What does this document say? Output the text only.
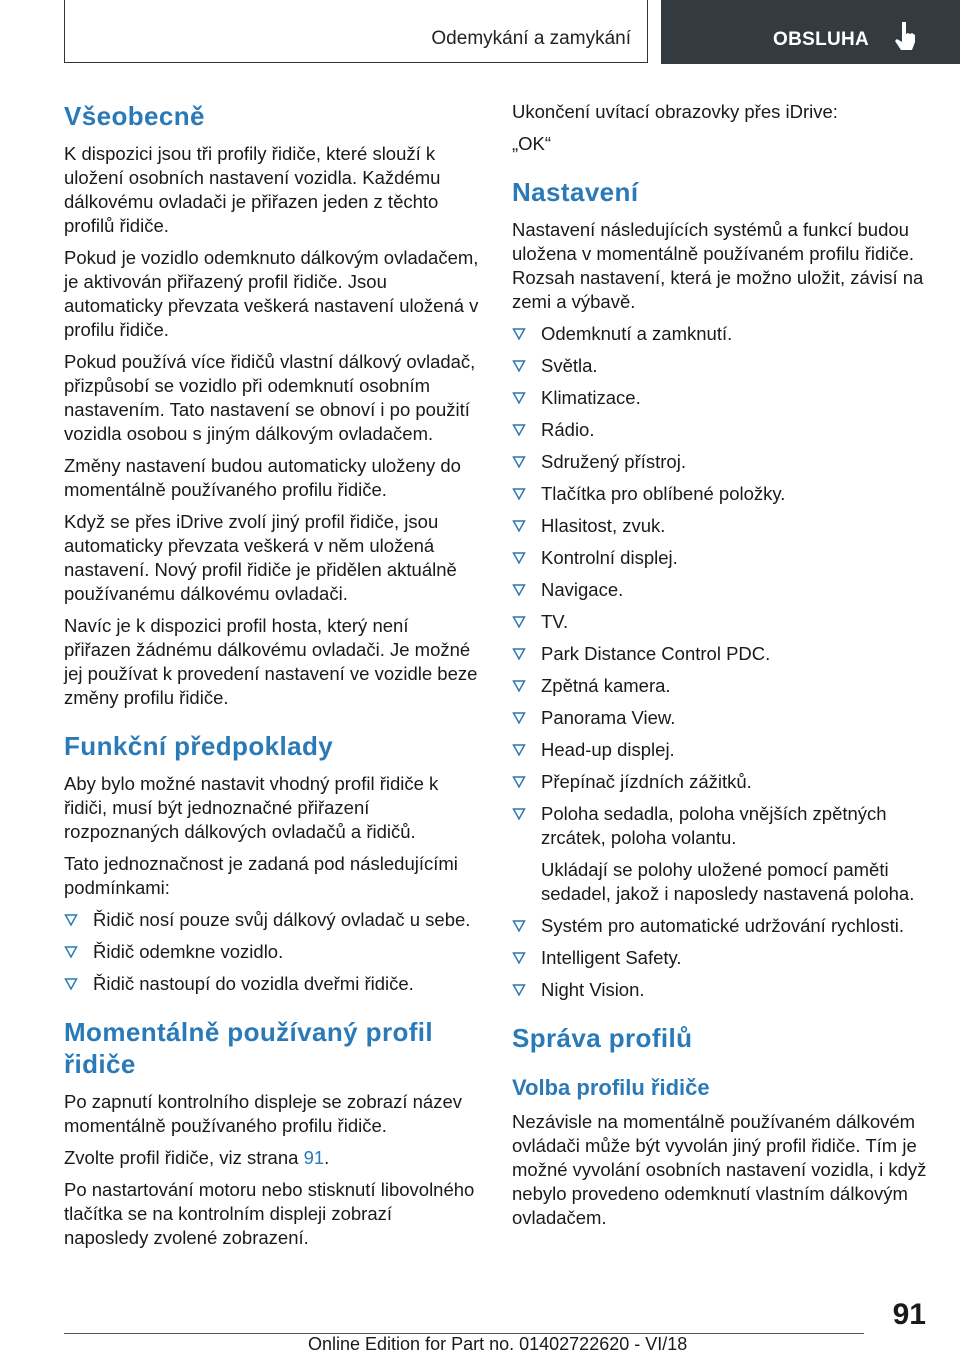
Odemykání a zamykání	OBSLUHA
Všeobecně

K dispozici jsou tři profily řidiče, které slouží k uložení osobních nastavení vozidla. Každému dálkovému ovladači je přiřazen jeden z těchto profilů řidiče.

Pokud je vozidlo odemknuto dálkovým ovladačem, je aktivován přiřazený profil řidiče. Jsou automaticky převzata veškerá nastavení uložená v profilu řidiče.

Pokud používá více řidičů vlastní dálkový ovladač, přizpůsobí se vozidlo při odemknutí osobním nastavením. Tato nastavení se obnoví i po použití vozidla osobou s jiným dálkovým ovladačem.

Změny nastavení budou automaticky uloženy do momentálně používaného profilu řidiče.

Když se přes iDrive zvolí jiný profil řidiče, jsou automaticky převzata veškerá v něm uložená nastavení. Nový profil řidiče je přidělen aktuálně používanému dálkovému ovladači.

Navíc je k dispozici profil hosta, který není přiřazen žádnému dálkovému ovladači. Je možné jej používat k provedení nastavení ve vozidle beze změny profilu řidiče.

Funkční předpoklady

Aby bylo možné nastavit vhodný profil řidiče k řidiči, musí být jednoznačné přiřazení rozpoznaných dálkových ovladačů a řidičů.

Tato jednoznačnost je zadaná pod následujícími podmínkami:

Řidič nosí pouze svůj dálkový ovladač u sebe.
Řidič odemkne vozidlo.
Řidič nastoupí do vozidla dveřmi řidiče.
Momentálně používaný profil řidiče

Po zapnutí kontrolního displeje se zobrazí název momentálně používaného profilu řidiče.

Zvolte profil řidiče, viz strana 91.

Po nastartování motoru nebo stisknutí libovolného tlačítka se na kontrolním displeji zobrazí naposledy zvolené zobrazení.

Ukončení uvítací obrazovky přes iDrive:

„OK“

Nastavení

Nastavení následujících systémů a funkcí budou uložena v momentálně používaném profilu řidiče. Rozsah nastavení, která je možno uložit, závisí na zemi a výbavě.

Odemknutí a zamknutí.
Světla.
Klimatizace.
Rádio.
Sdružený přístroj.
Tlačítka pro oblíbené položky.
Hlasitost, zvuk.
Kontrolní displej.
Navigace.
TV.
Park Distance Control PDC.
Zpětná kamera.
Panorama View.
Head-up displej.
Přepínač jízdních zážitků.
Poloha sedadla, poloha vnějších zpětných zrcátek, poloha volantu.
Ukládají se polohy uložené pomocí paměti sedadel, jakož i naposledy nastavená poloha.
Systém pro automatické udržování rychlosti.
Intelligent Safety.
Night Vision.
Správa profilů
Volba profilu řidiče

Nezávisle na momentálně používaném dálkovém ovládači může být vyvolán jiný profil řidiče. Tím je možné vyvolání osobních nastavení vozidla, i když nebylo provedeno odemknutí vlastním dálkovým ovladačem.

91
Online Edition for Part no. 01402722620 - VI/18
